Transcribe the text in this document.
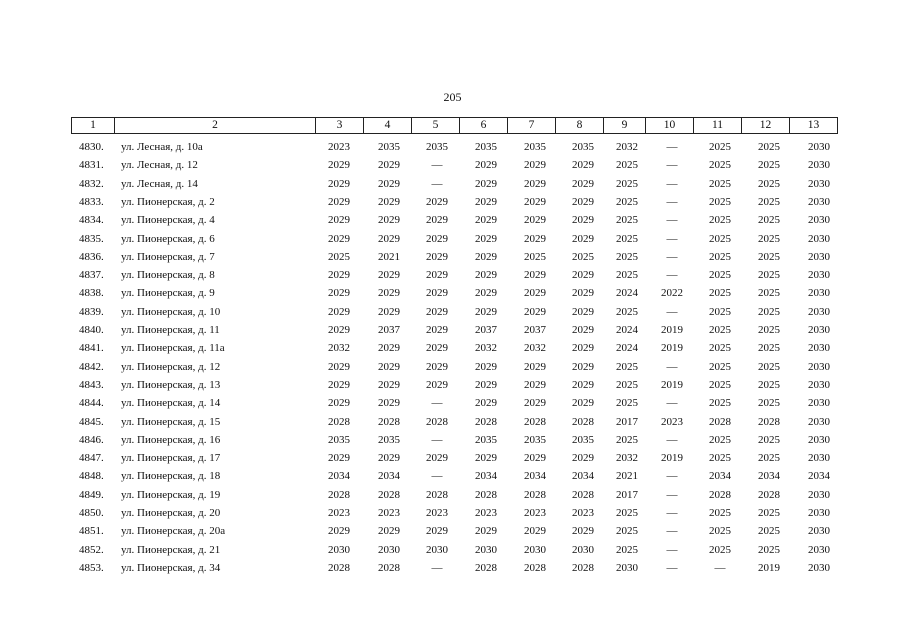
205
1	2	3	4	5	6	7	8	9	10	11	12	13
4830.	ул. Лесная, д. 10а	2023	2035	2035	2035	2035	2035	2032	—	2025	2025	2030
4831.	ул. Лесная, д. 12	2029	2029	—	2029	2029	2029	2025	—	2025	2025	2030
4832.	ул. Лесная, д. 14	2029	2029	—	2029	2029	2029	2025	—	2025	2025	2030
4833.	ул. Пионерская, д. 2	2029	2029	2029	2029	2029	2029	2025	—	2025	2025	2030
4834.	ул. Пионерская, д. 4	2029	2029	2029	2029	2029	2029	2025	—	2025	2025	2030
4835.	ул. Пионерская, д. 6	2029	2029	2029	2029	2029	2029	2025	—	2025	2025	2030
4836.	ул. Пионерская, д. 7	2025	2021	2029	2029	2025	2025	2025	—	2025	2025	2030
4837.	ул. Пионерская, д. 8	2029	2029	2029	2029	2029	2029	2025	—	2025	2025	2030
4838.	ул. Пионерская, д. 9	2029	2029	2029	2029	2029	2029	2024	2022	2025	2025	2030
4839.	ул. Пионерская, д. 10	2029	2029	2029	2029	2029	2029	2025	—	2025	2025	2030
4840.	ул. Пионерская, д. 11	2029	2037	2029	2037	2037	2029	2024	2019	2025	2025	2030
4841.	ул. Пионерская, д. 11а	2032	2029	2029	2032	2032	2029	2024	2019	2025	2025	2030
4842.	ул. Пионерская, д. 12	2029	2029	2029	2029	2029	2029	2025	—	2025	2025	2030
4843.	ул. Пионерская, д. 13	2029	2029	2029	2029	2029	2029	2025	2019	2025	2025	2030
4844.	ул. Пионерская, д. 14	2029	2029	—	2029	2029	2029	2025	—	2025	2025	2030
4845.	ул. Пионерская, д. 15	2028	2028	2028	2028	2028	2028	2017	2023	2028	2028	2030
4846.	ул. Пионерская, д. 16	2035	2035	—	2035	2035	2035	2025	—	2025	2025	2030
4847.	ул. Пионерская, д. 17	2029	2029	2029	2029	2029	2029	2032	2019	2025	2025	2030
4848.	ул. Пионерская, д. 18	2034	2034	—	2034	2034	2034	2021	—	2034	2034	2034
4849.	ул. Пионерская, д. 19	2028	2028	2028	2028	2028	2028	2017	—	2028	2028	2030
4850.	ул. Пионерская, д. 20	2023	2023	2023	2023	2023	2023	2025	—	2025	2025	2030
4851.	ул. Пионерская, д. 20а	2029	2029	2029	2029	2029	2029	2025	—	2025	2025	2030
4852.	ул. Пионерская, д. 21	2030	2030	2030	2030	2030	2030	2025	—	2025	2025	2030
4853.	ул. Пионерская, д. 34	2028	2028	—	2028	2028	2028	2030	—	—	2019	2030
